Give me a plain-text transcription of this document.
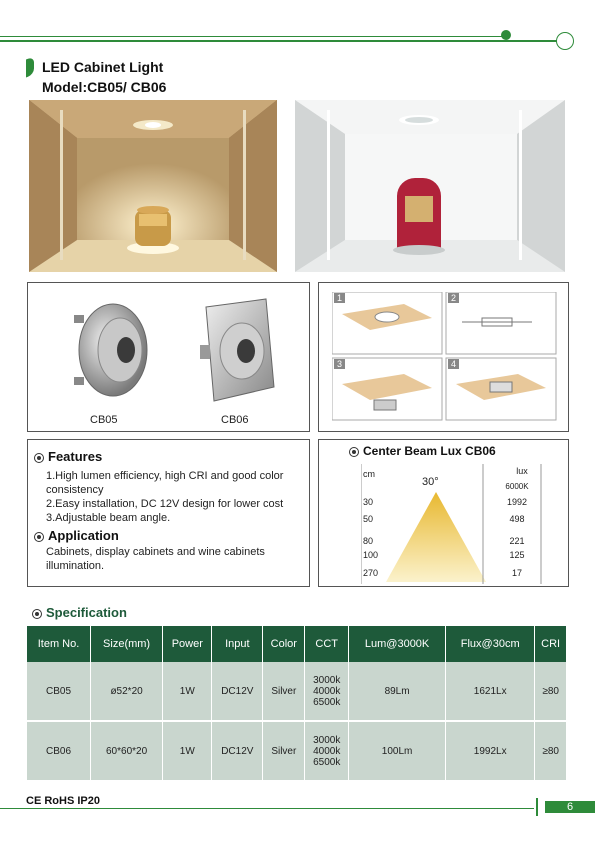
LED Cabinet Light
Model:CB05/ CB06
CB05	CB06
1	2
3	4
Features
1.High lumen efficiency, high CRI and good color consistency
2.Easy installation, DC 12V design for lower cost
3.Adjustable beam angle.
Application
Cabinets, display cabinets and wine cabinets illumination.
Center Beam Lux CB06
cm
30°
lux
6000K
30	1992
50	498
80	221
100	125
270	17
Specification
Item No.	Size(mm)	Power	Input	Color	CCT	Lum@3000K	Flux@30cm	CRI
CB05	ø52*20	1W	DC12V	Silver	3000k
4000k
6500k	89Lm	1621Lx	≥80
CB06	60*60*20	1W	DC12V	Silver	3000k
4000k
6500k	100Lm	1992Lx	≥80
CE RoHS IP20	6
